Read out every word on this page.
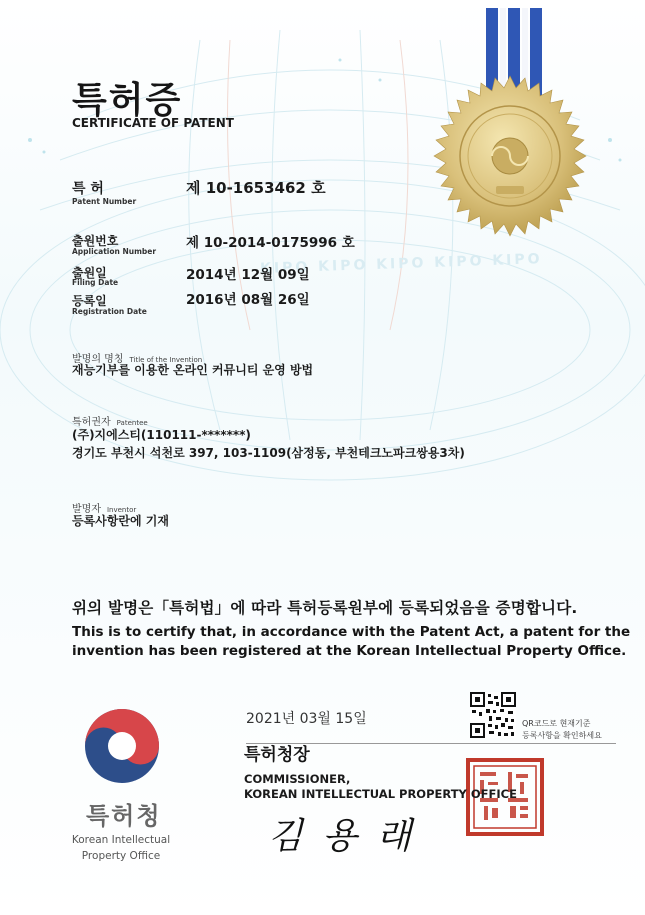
KIPO KIPO KIPO KIPO KIPO
특허증
CERTIFICATE OF PATENT
특 허
Patent Number
제 10-1653462 호
출원번호
Application Number
제 10-2014-0175996 호
출원일
Filing Date	2014년 12월 09일
등록일
Registration Date
2016년 08월 26일
발명의 명칭 Title of the Invention
재능기부를 이용한 온라인 커뮤니티 운영 방법
특허권자 Patentee
(주)지에스티(110111-*******)
경기도 부천시 석천로 397, 103-1109(삼정동, 부천테크노파크쌍용3차)
발명자 Inventor
등록사항란에 기재
위의 발명은「특허법」에 따라 특허등록원부에 등록되었음을 증명합니다.
This is to certify that, in accordance with the Patent Act, a patent for the
invention has been registered at the Korean Intellectual Property Office.
2021년 03월 15일	QR코드로 현재기준
등록사항을 확인하세요
특허청장
COMMISSIONER,
KOREAN INTELLECTUAL PROPERTY OFFICE
김 용 래
특허청
Korean Intellectual
Property Office
